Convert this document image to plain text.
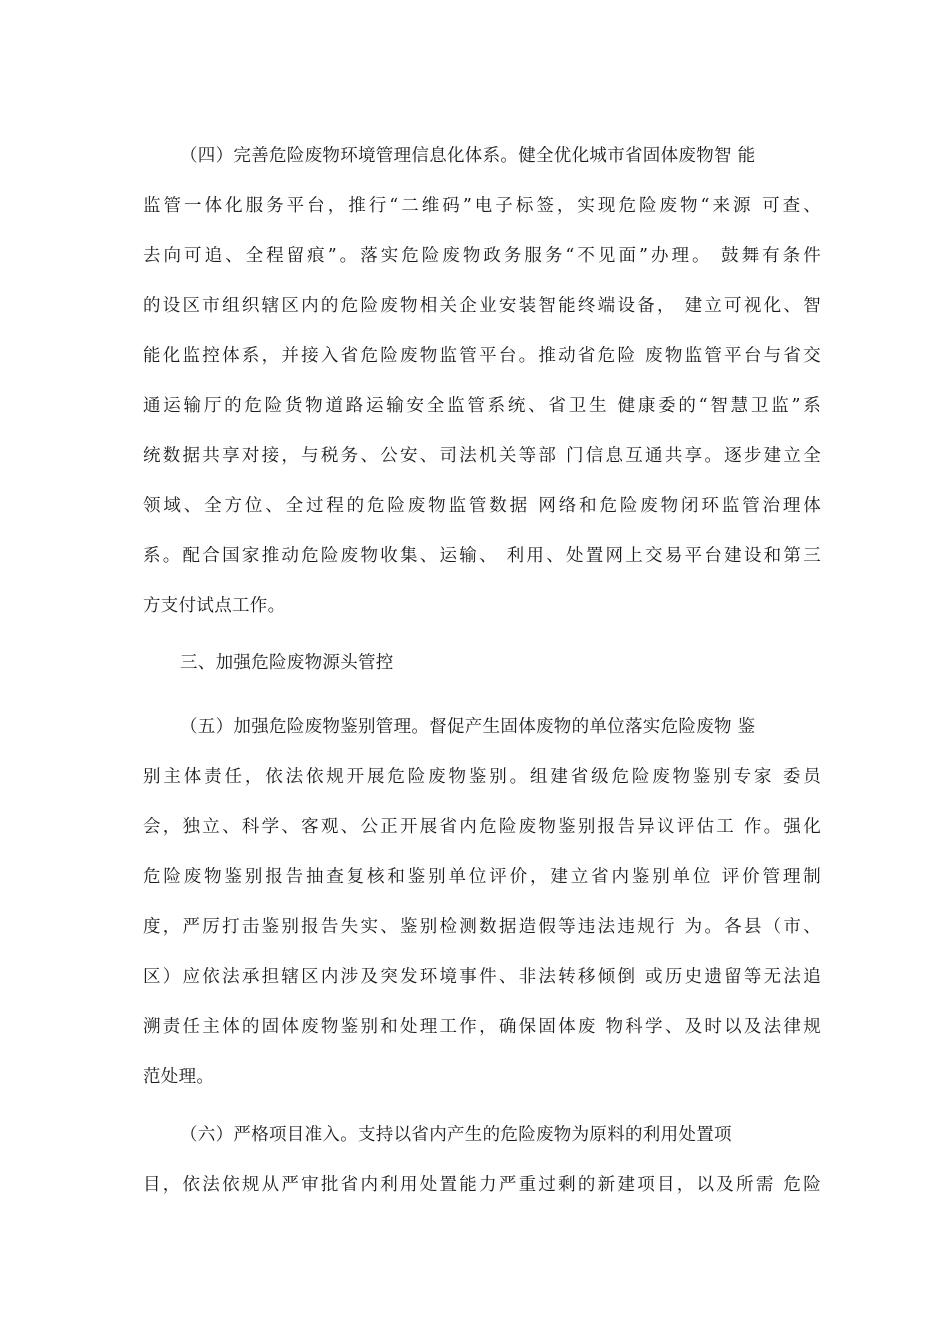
（四）完善危险废物环境管理信息化体系。健全优化城市省固体废物智 能
监管一体化服务平台，推行“二维码”电子标签，实现危险废物“来源 可查、
去向可追、全程留痕”。落实危险废物政务服务“不见面”办理。 鼓舞有条件
的设区市组织辖区内的危险废物相关企业安装智能终端设备， 建立可视化、智
能化监控体系，并接入省危险废物监管平台。推动省危险 废物监管平台与省交
通运输厅的危险货物道路运输安全监管系统、省卫生 健康委的“智慧卫监”系
统数据共享对接，与税务、公安、司法机关等部 门信息互通共享。逐步建立全
领域、全方位、全过程的危险废物监管数据 网络和危险废物闭环监管治理体
系。配合国家推动危险废物收集、运输、 利用、处置网上交易平台建设和第三
方支付试点工作。
三、加强危险废物源头管控
（五）加强危险废物鉴别管理。督促产生固体废物的单位落实危险废物 鉴
别主体责任，依法依规开展危险废物鉴别。组建省级危险废物鉴别专家 委员
会，独立、科学、客观、公正开展省内危险废物鉴别报告异议评估工 作。强化
危险废物鉴别报告抽查复核和鉴别单位评价，建立省内鉴别单位 评价管理制
度，严厉打击鉴别报告失实、鉴别检测数据造假等违法违规行 为。各县（市、
区）应依法承担辖区内涉及突发环境事件、非法转移倾倒 或历史遗留等无法追
溯责任主体的固体废物鉴别和处理工作，确保固体废 物科学、及时以及法律规
范处理。
（六）严格项目准入。支持以省内产生的危险废物为原料的利用处置项
目，依法依规从严审批省内利用处置能力严重过剩的新建项目，以及所需 危险
